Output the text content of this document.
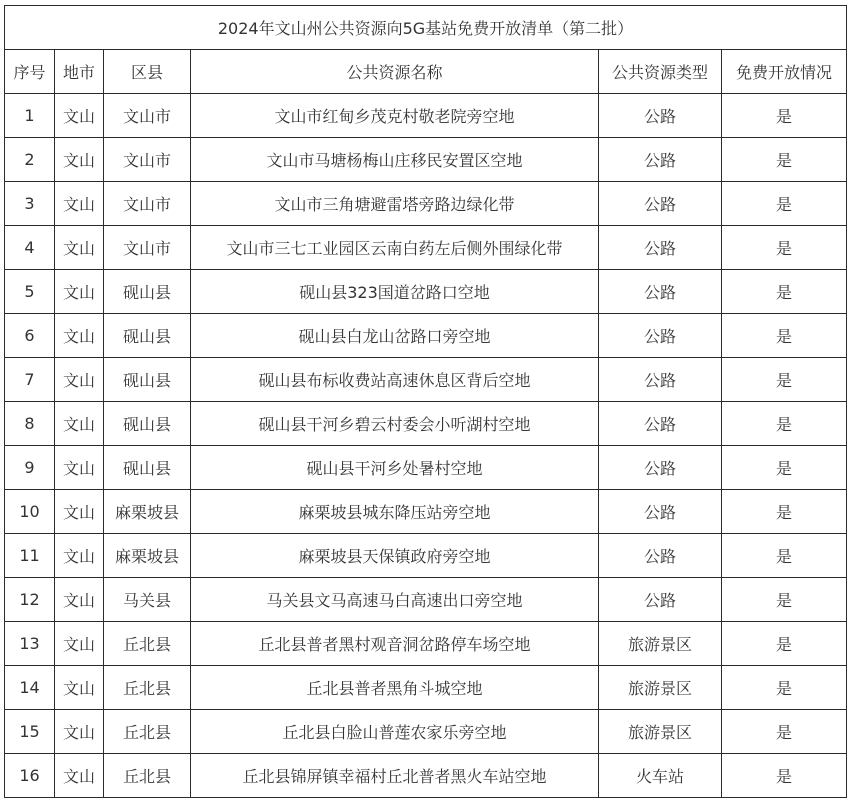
2024年文山州公共资源向5G基站免费开放清单（第二批）					
序号	地市	区县	公共资源名称	公共资源类型	免费开放情况
1	文山	文山市	文山市红甸乡茂克村敬老院旁空地	公路	是
2	文山	文山市	文山市马塘杨梅山庄移民安置区空地	公路	是
3	文山	文山市	文山市三角塘避雷塔旁路边绿化带	公路	是
4	文山	文山市	文山市三七工业园区云南白药左后侧外围绿化带	公路	是
5	文山	砚山县	砚山县323国道岔路口空地	公路	是
6	文山	砚山县	砚山县白龙山岔路口旁空地	公路	是
7	文山	砚山县	砚山县布标收费站高速休息区背后空地	公路	是
8	文山	砚山县	砚山县干河乡碧云村委会小听湖村空地	公路	是
9	文山	砚山县	砚山县干河乡处暑村空地	公路	是
10	文山	麻栗坡县	麻栗坡县城东降压站旁空地	公路	是
11	文山	麻栗坡县	麻栗坡县天保镇政府旁空地	公路	是
12	文山	马关县	马关县文马高速马白高速出口旁空地	公路	是
13	文山	丘北县	丘北县普者黑村观音洞岔路停车场空地	旅游景区	是
14	文山	丘北县	丘北县普者黑角斗城空地	旅游景区	是
15	文山	丘北县	丘北县白脸山普莲农家乐旁空地	旅游景区	是
16	文山	丘北县	丘北县锦屏镇幸福村丘北普者黑火车站空地	火车站	是
